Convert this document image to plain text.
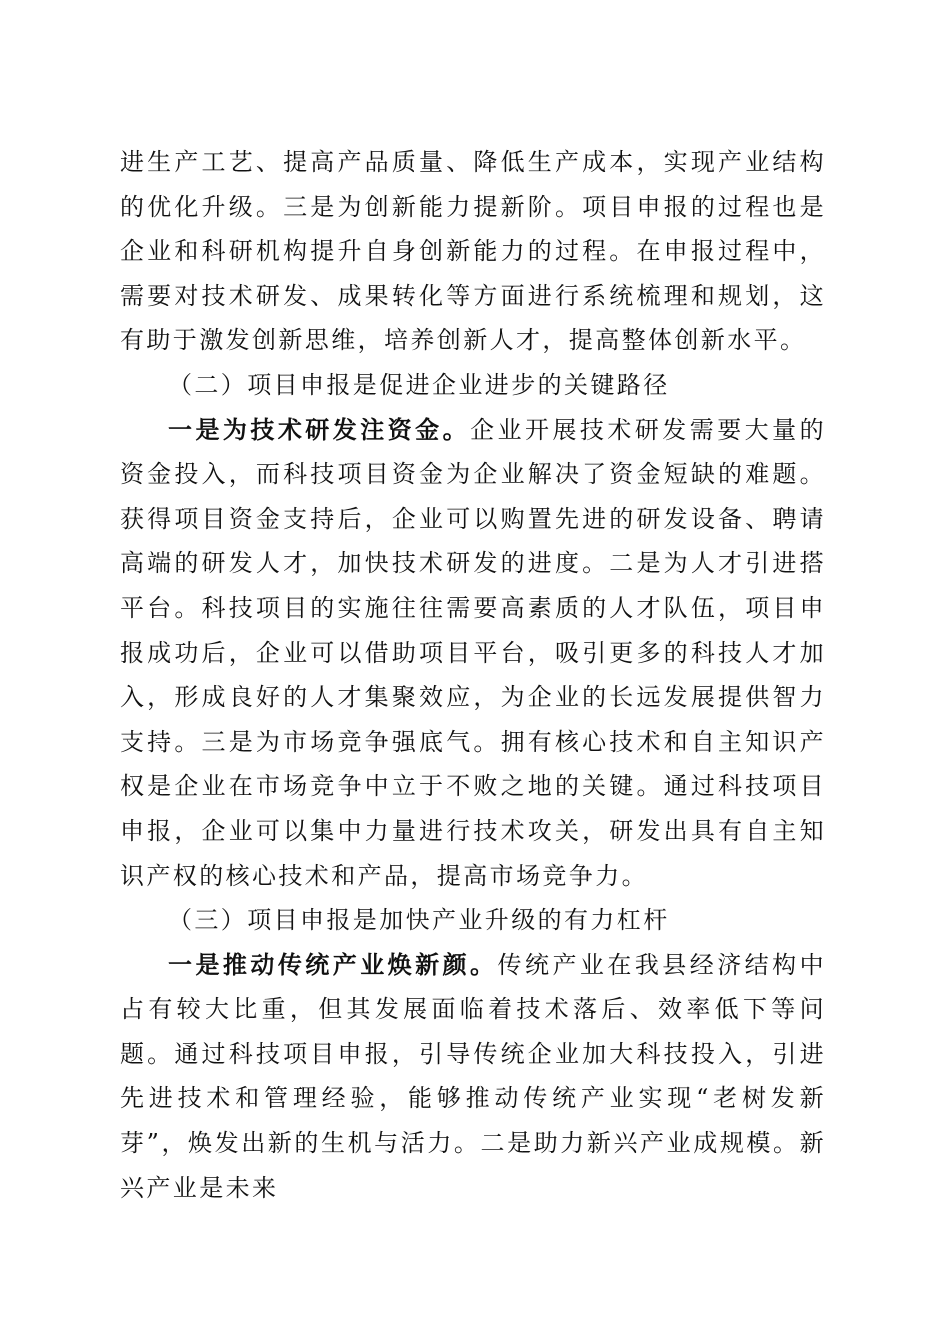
进生产工艺、提高产品质量、降低生产成本，实现产业结构的优化升级。三是为创新能力提新阶。项目申报的过程也是企业和科研机构提升自身创新能力的过程。在申报过程中，需要对技术研发、成果转化等方面进行系统梳理和规划，这有助于激发创新思维，培养创新人才，提高整体创新水平。

（二）项目申报是促进企业进步的关键路径

一是为技术研发注资金。企业开展技术研发需要大量的资金投入，而科技项目资金为企业解决了资金短缺的难题。获得项目资金支持后，企业可以购置先进的研发设备、聘请高端的研发人才，加快技术研发的进度。二是为人才引进搭平台。科技项目的实施往往需要高素质的人才队伍，项目申报成功后，企业可以借助项目平台，吸引更多的科技人才加入，形成良好的人才集聚效应，为企业的长远发展提供智力支持。三是为市场竞争强底气。拥有核心技术和自主知识产权是企业在市场竞争中立于不败之地的关键。通过科技项目申报，企业可以集中力量进行技术攻关，研发出具有自主知识产权的核心技术和产品，提高市场竞争力。

（三）项目申报是加快产业升级的有力杠杆

一是推动传统产业焕新颜。传统产业在我县经济结构中占有较大比重，但其发展面临着技术落后、效率低下等问题。通过科技项目申报，引导传统企业加大科技投入，引进先进技术和管理经验，能够推动传统产业实现“老树发新芽”，焕发出新的生机与活力。二是助力新兴产业成规模。新兴产业是未来
